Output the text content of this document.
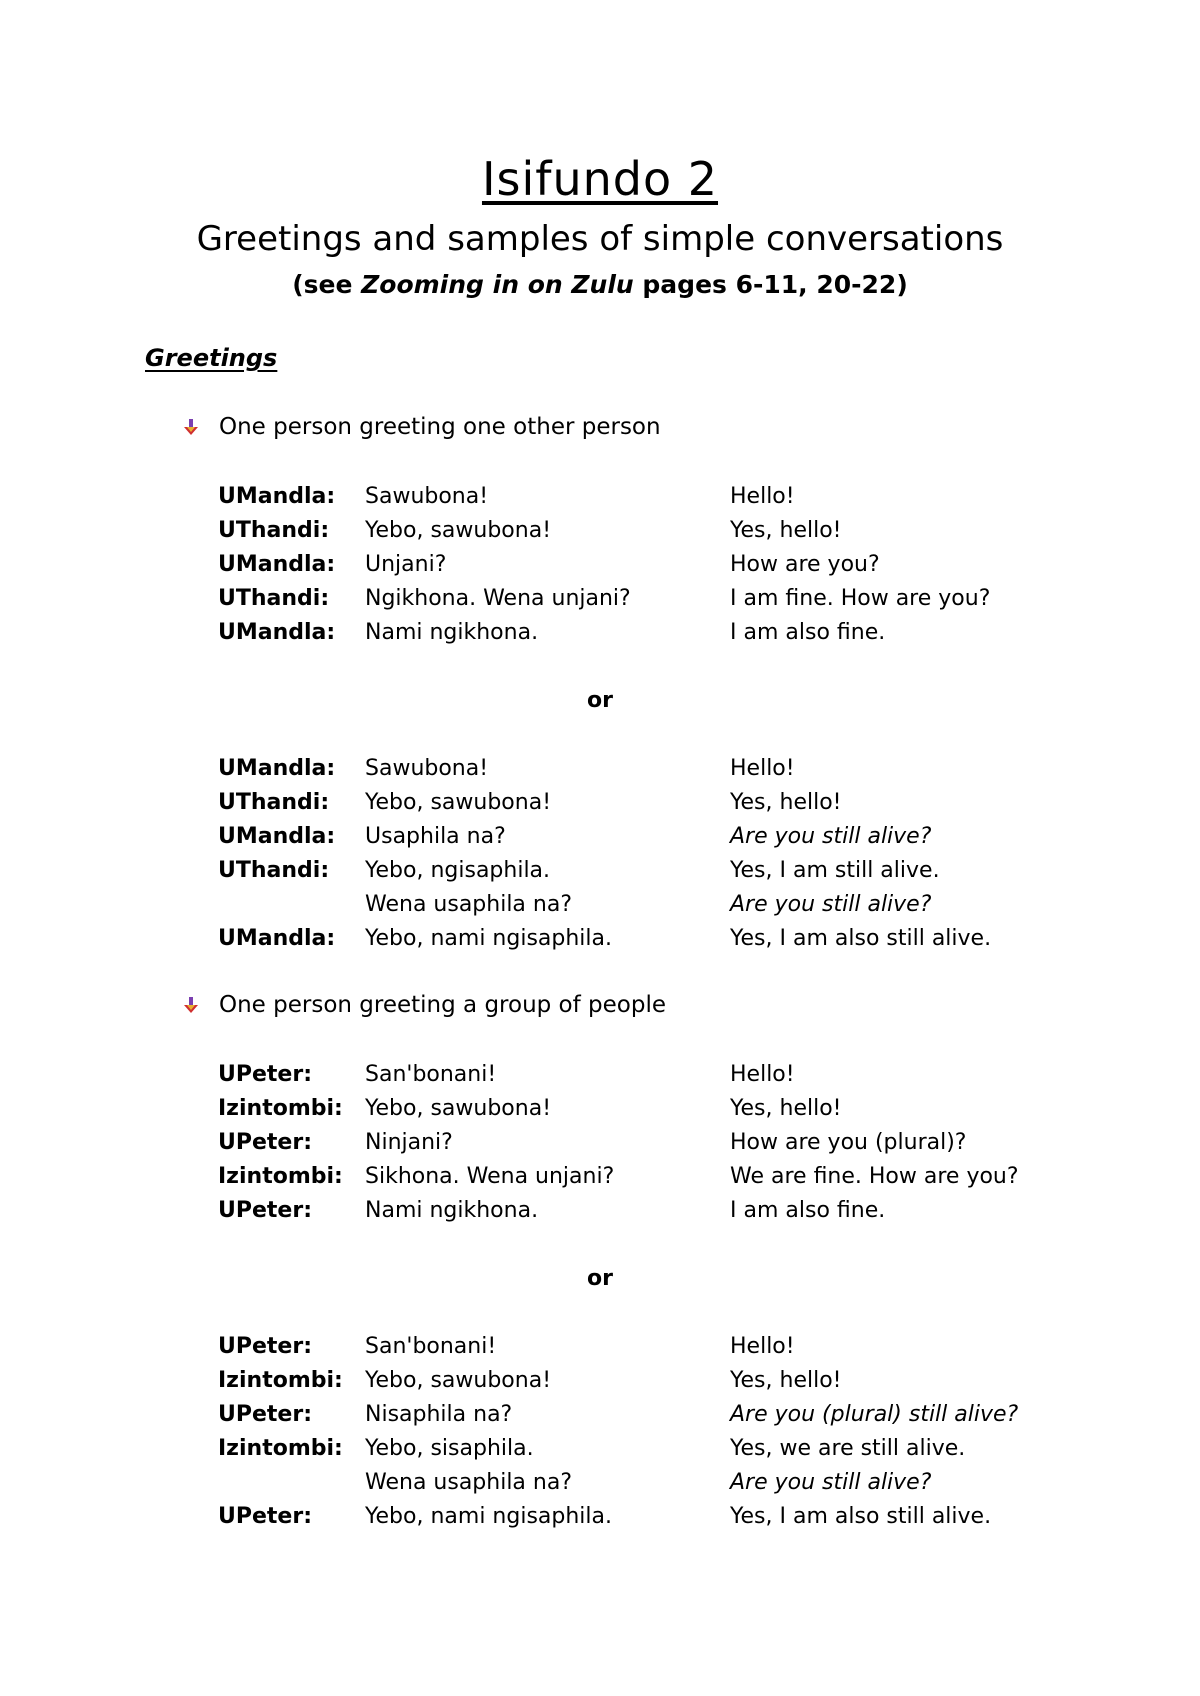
Isifundo 2
Greetings and samples of simple conversations
(see Zooming in on Zulu pages 6-11, 20-22)
Greetings
One person greeting one other person
UMandla: Sawubona!	Hello!
UThandi: Yebo, sawubona!	Yes, hello!
UMandla: Unjani?	How are you?
UThandi: Ngikhona. Wena unjani?	I am fine. How are you?
UMandla: Nami ngikhona.	I am also fine.
or
UMandla: Sawubona!	Hello!
UThandi: Yebo, sawubona!	Yes, hello!
UMandla: Usaphila na?	Are you still alive?
UThandi: Yebo, ngisaphila.	Yes, I am still alive.
Wena usaphila na?	Are you still alive?
UMandla: Yebo, nami ngisaphila.	Yes, I am also still alive.
One person greeting a group of people
UPeter: San'bonani!	Hello!
Izintombi: Yebo, sawubona!	Yes, hello!
UPeter: Ninjani?	How are you (plural)?
Izintombi: Sikhona. Wena unjani?	We are fine. How are you?
UPeter: Nami ngikhona.	I am also fine.
or
UPeter: San'bonani!	Hello!
Izintombi: Yebo, sawubona!	Yes, hello!
UPeter: Nisaphila na?	Are you (plural) still alive?
Izintombi: Yebo, sisaphila.	Yes, we are still alive.
Wena usaphila na?	Are you still alive?
UPeter: Yebo, nami ngisaphila.	Yes, I am also still alive.
